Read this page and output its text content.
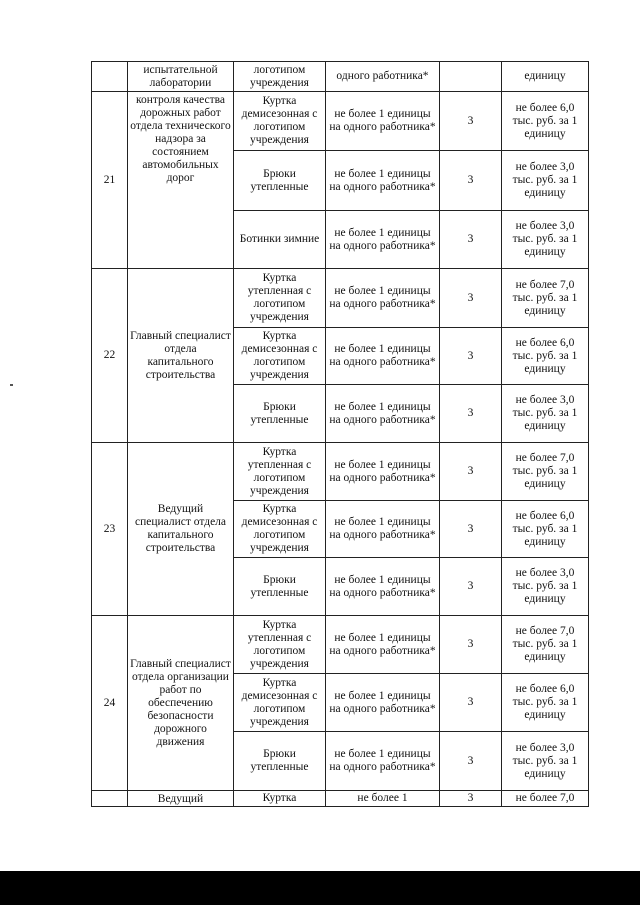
	испытательной лаборатории	логотипом учреждения	одного работника*		единицу
21	контроля качества дорожных работ отдела технического надзора за состоянием автомобильных дорог	Куртка демисезонная с логотипом учреждения	не более 1 единицы на одного работника*	3	не более 6,0 тыс. руб. за 1 единицу
		Брюки утепленные	не более 1 единицы на одного работника*	3	не более 3,0 тыс. руб. за 1 единицу
		Ботинки зимние	не более 1 единицы на одного работника*	3	не более 3,0 тыс. руб. за 1 единицу
22	Главный специалист отдела капитального строительства	Куртка утепленная с логотипом учреждения	не более 1 единицы на одного работника*	3	не более 7,0 тыс. руб. за 1 единицу
		Куртка демисезонная с логотипом учреждения	не более 1 единицы на одного работника*	3	не более 6,0 тыс. руб. за 1 единицу
		Брюки утепленные	не более 1 единицы на одного работника*	3	не более 3,0 тыс. руб. за 1 единицу
23	Ведущий специалист отдела капитального строительства	Куртка утепленная с логотипом учреждения	не более 1 единицы на одного работника*	3	не более 7,0 тыс. руб. за 1 единицу
		Куртка демисезонная с логотипом учреждения	не более 1 единицы на одного работника*	3	не более 6,0 тыс. руб. за 1 единицу
		Брюки утепленные	не более 1 единицы на одного работника*	3	не более 3,0 тыс. руб. за 1 единицу
24	Главный специалист отдела организации работ по обеспечению безопасности дорожного движения	Куртка утепленная с логотипом учреждения	не более 1 единицы на одного работника*	3	не более 7,0 тыс. руб. за 1 единицу
		Куртка демисезонная с логотипом учреждения	не более 1 единицы на одного работника*	3	не более 6,0 тыс. руб. за 1 единицу
		Брюки утепленные	не более 1 единицы на одного работника*	3	не более 3,0 тыс. руб. за 1 единицу
	Ведущий	Куртка	не более 1	3	не более 7,0
